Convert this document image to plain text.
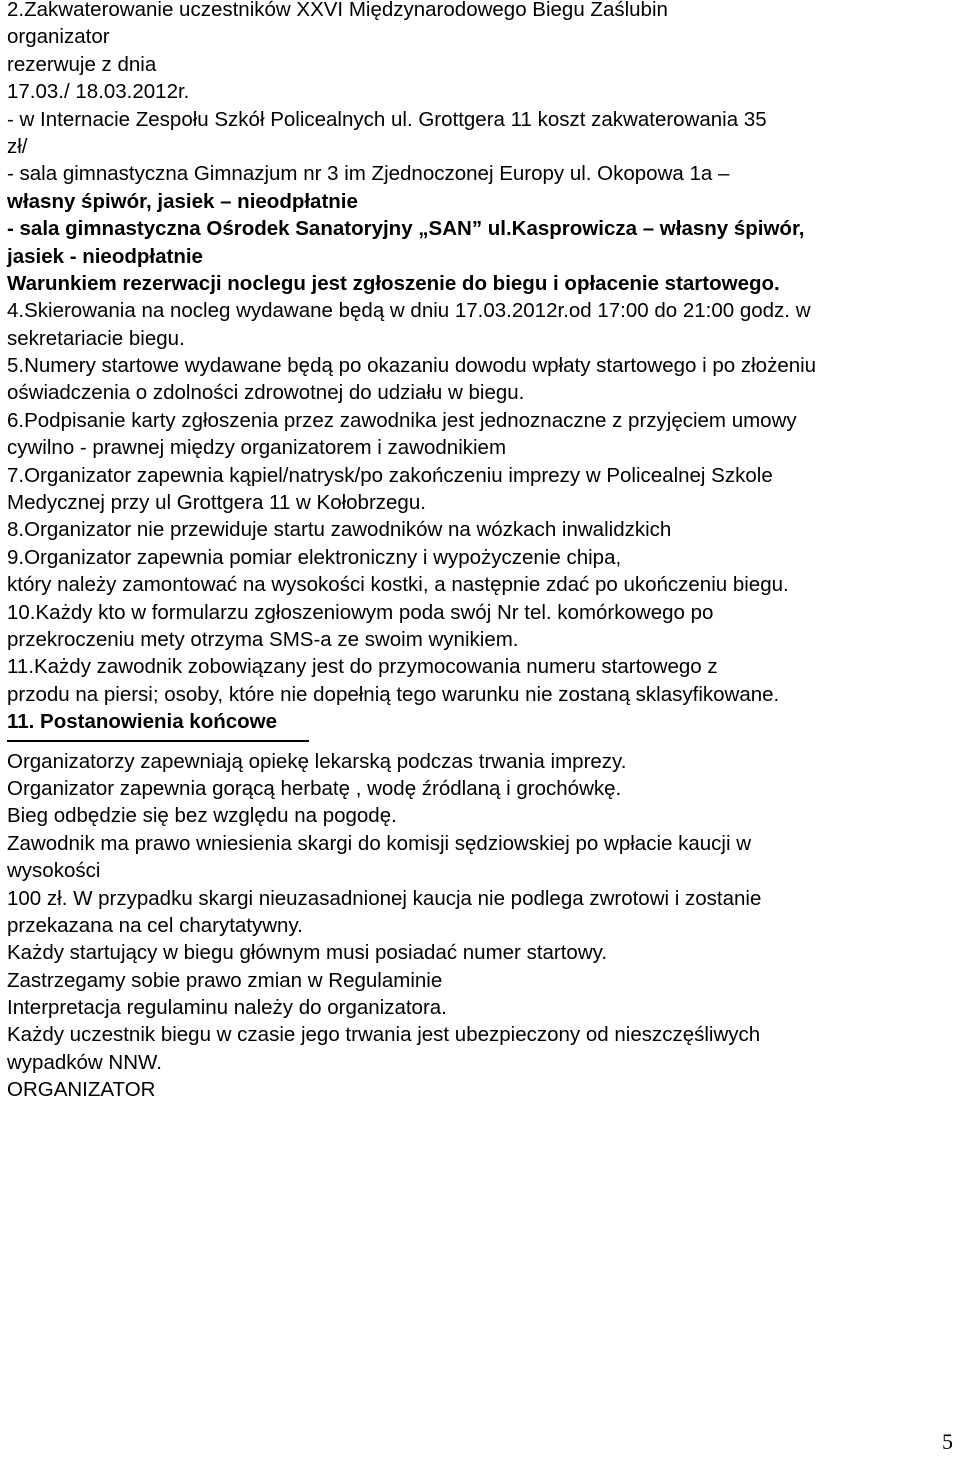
2.Zakwaterowanie uczestników XXVI Międzynarodowego Biegu Zaślubin
organizator
rezerwuje z dnia
17.03./ 18.03.2012r.
- w Internacie Zespołu Szkół Policealnych ul. Grottgera 11 koszt zakwaterowania 35
zł/
- sala gimnastyczna Gimnazjum nr 3 im Zjednoczonej Europy ul. Okopowa 1a –
własny śpiwór, jasiek – nieodpłatnie
- sala gimnastyczna Ośrodek Sanatoryjny „SAN” ul.Kasprowicza – własny śpiwór,
jasiek - nieodpłatnie
Warunkiem rezerwacji noclegu jest zgłoszenie do biegu i opłacenie startowego.
4.Skierowania na nocleg wydawane będą w dniu 17.03.2012r.od 17:00 do 21:00 godz. w
sekretariacie biegu.
5.Numery startowe wydawane będą po okazaniu dowodu wpłaty startowego i po złożeniu
oświadczenia o zdolności zdrowotnej do udziału w biegu.
6.Podpisanie karty zgłoszenia przez zawodnika jest jednoznaczne z przyjęciem umowy
cywilno - prawnej między organizatorem i zawodnikiem
7.Organizator zapewnia kąpiel/natrysk/po zakończeniu imprezy w Policealnej Szkole
Medycznej przy ul Grottgera 11 w Kołobrzegu.
8.Organizator nie przewiduje startu zawodników na wózkach inwalidzkich
9.Organizator zapewnia pomiar elektroniczny i wypożyczenie chipa,
który należy zamontować na wysokości kostki, a następnie zdać po ukończeniu biegu.
10.Każdy kto w formularzu zgłoszeniowym poda swój Nr tel. komórkowego po
przekroczeniu mety otrzyma SMS-a ze swoim wynikiem.
11.Każdy zawodnik zobowiązany jest do przymocowania numeru startowego z
przodu na piersi; osoby, które nie dopełnią tego warunku nie zostaną sklasyfikowane.
11. Postanowienia końcowe
Organizatorzy zapewniają opiekę lekarską podczas trwania imprezy.
Organizator zapewnia gorącą herbatę , wodę źródlaną i grochówkę.
Bieg odbędzie się bez względu na pogodę.
Zawodnik ma prawo wniesienia skargi do komisji sędziowskiej po wpłacie kaucji w
wysokości
100 zł. W przypadku skargi nieuzasadnionej kaucja nie podlega zwrotowi i zostanie
przekazana na cel charytatywny.
Każdy startujący w biegu głównym musi posiadać numer startowy.
Zastrzegamy sobie prawo zmian w Regulaminie
Interpretacja regulaminu należy do organizatora.
Każdy uczestnik biegu w czasie jego trwania jest ubezpieczony od nieszczęśliwych
wypadków NNW.
ORGANIZATOR
5
